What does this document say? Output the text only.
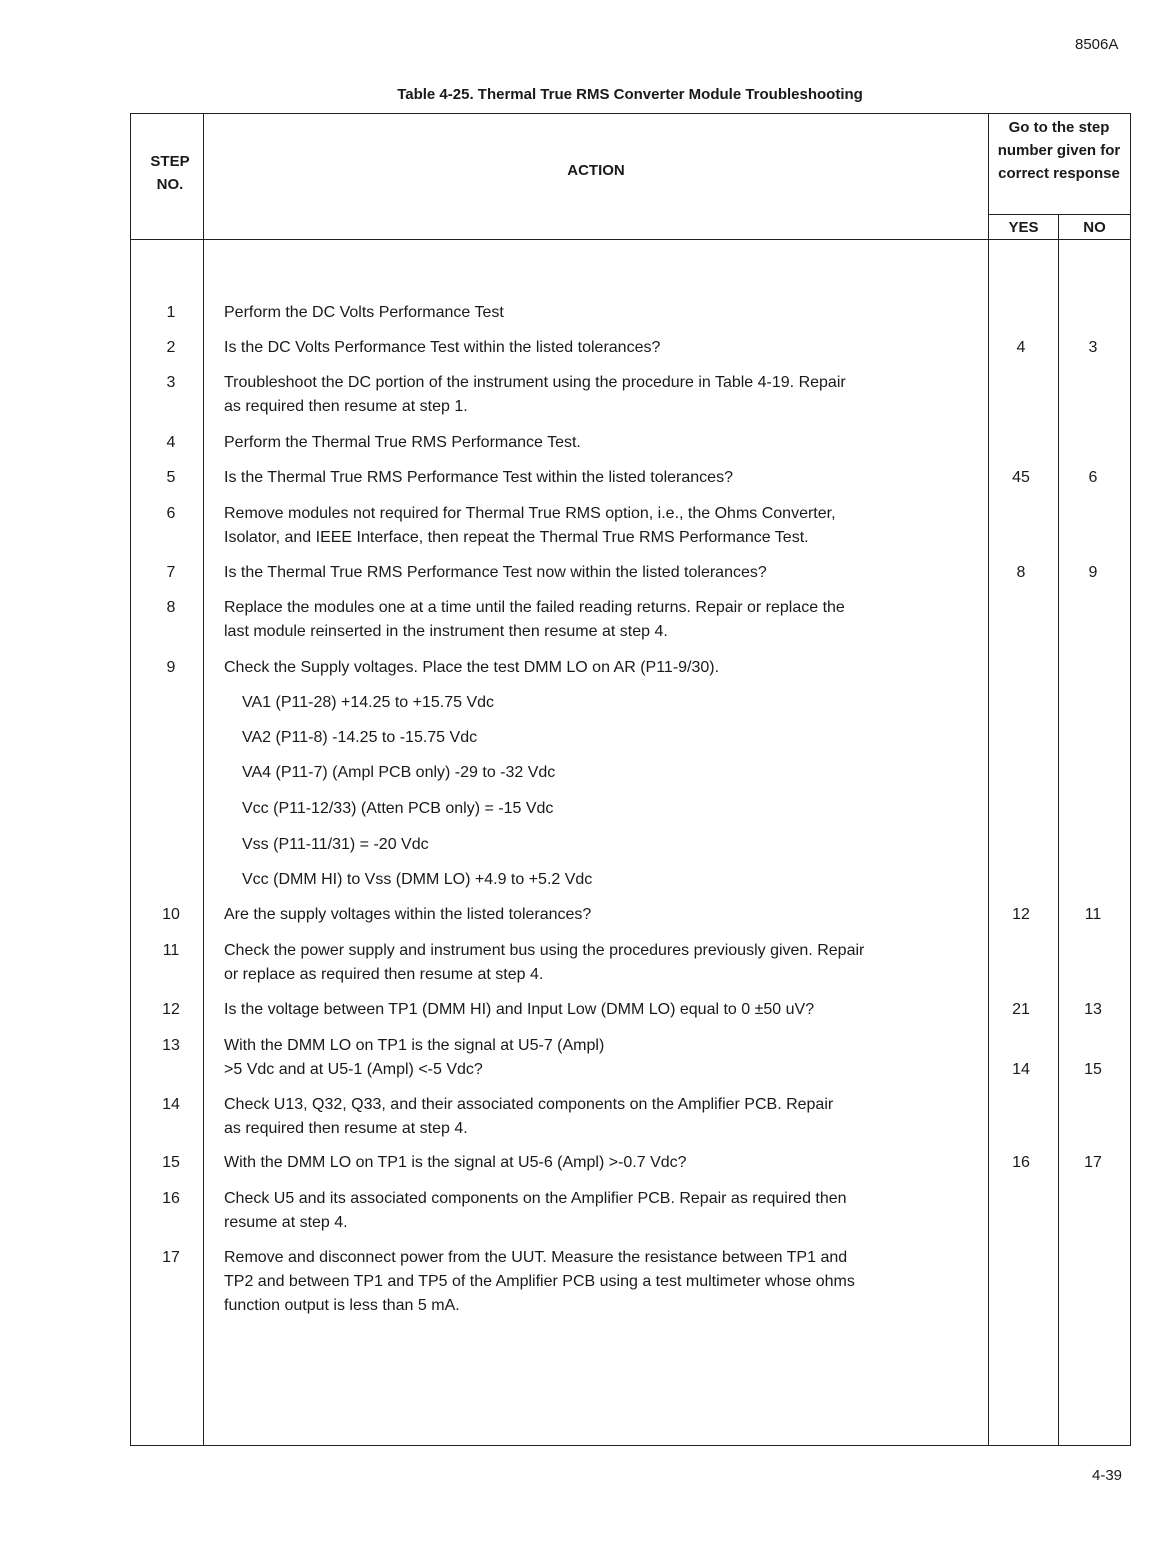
8506A
Table 4-25. Thermal True RMS Converter Module Troubleshooting
STEP NO.
ACTION
Go to the step number given for correct response
YES	NO
1	Perform the DC Volts Performance Test
2	Is the DC Volts Performance Test within the listed tolerances?	4	3
3	Troubleshoot the DC portion of the instrument using the procedure in Table 4-19. Repair
as required then resume at step 1.
4	Perform the Thermal True RMS Performance Test.
5	Is the Thermal True RMS Performance Test within the listed tolerances?	45	6
6	Remove modules not required for Thermal True RMS option, i.e., the Ohms Converter,
Isolator, and IEEE Interface, then repeat the Thermal True RMS Performance Test.
7	Is the Thermal True RMS Performance Test now within the listed tolerances?	8	9
8	Replace the modules one at a time until the failed reading returns. Repair or replace the
last module reinserted in the instrument then resume at step 4.
9	Check the Supply voltages. Place the test DMM LO on AR (P11-9/30).
VA1 (P11-28) +14.25 to +15.75 Vdc
VA2 (P11-8) -14.25 to -15.75 Vdc
VA4 (P11-7) (Ampl PCB only) -29 to -32 Vdc
Vcc (P11-12/33) (Atten PCB only) = -15 Vdc
Vss (P11-11/31) = -20 Vdc
Vcc (DMM HI) to Vss (DMM LO) +4.9 to +5.2 Vdc
10	Are the supply voltages within the listed tolerances?	12	11
11	Check the power supply and instrument bus using the procedures previously given. Repair
or replace as required then resume at step 4.
12	Is the voltage between TP1 (DMM HI) and Input Low (DMM LO) equal to 0 ±50 uV?	21	13
13	With the DMM LO on TP1 is the signal at U5-7 (Ampl)
>5 Vdc and at U5-1 (Ampl) <-5 Vdc?	14	15
14	Check U13, Q32, Q33, and their associated components on the Amplifier PCB. Repair
as required then resume at step 4.
15	With the DMM LO on TP1 is the signal at U5-6 (Ampl) >-0.7 Vdc?	16	17
16	Check U5 and its associated components on the Amplifier PCB. Repair as required then
resume at step 4.
17	Remove and disconnect power from the UUT. Measure the resistance between TP1 and
TP2 and between TP1 and TP5 of the Amplifier PCB using a test multimeter whose ohms
function output is less than 5 mA.
4-39
